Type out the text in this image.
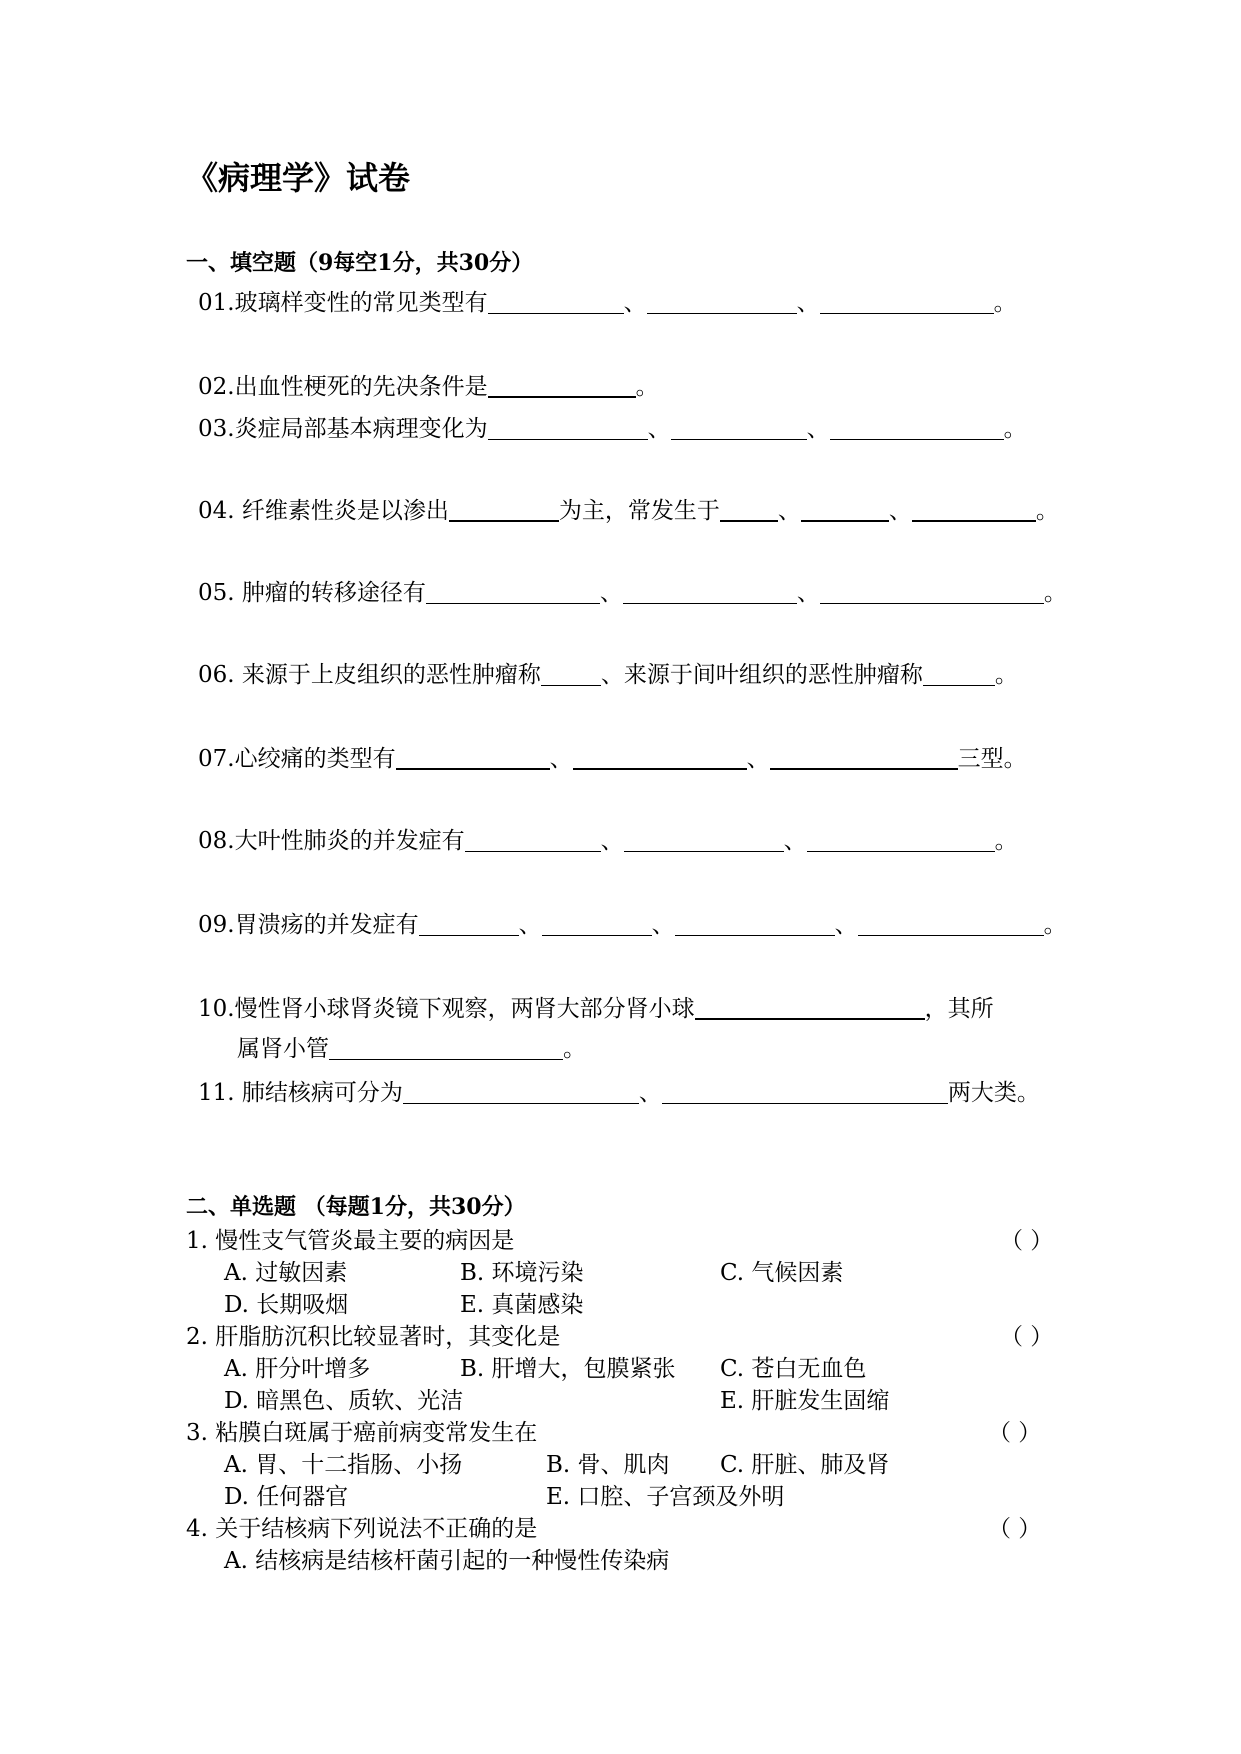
《病理学》试卷
一、填空题（9每空1分，共30分）
01.玻璃样变性的常见类型有	、	、	。
02.出血性梗死的先决条件是	。
03.炎症局部基本病理变化为	、	、	。
04. 纤维素性炎是以渗出	为主，常发生于	、	、	。
05. 肿瘤的转移途径有	、	、	。
06. 来源于上皮组织的恶性肿瘤称	、来源于间叶组织的恶性肿瘤称	。
07.心绞痛的类型有	、	、	三型。
08.大叶性肺炎的并发症有	、	、	。
09.胃溃疡的并发症有	、	、	、	。
10.慢性肾小球肾炎镜下观察，两肾大部分肾小球	，其所
属肾小管	。
11. 肺结核病可分为	、	两大类。
二、单选题 （每题1分，共30分）
1. 慢性支气管炎最主要的病因是	（ ）
A. 过敏因素	B. 环境污染	C. 气候因素
D. 长期吸烟	E. 真菌感染
2. 肝脂肪沉积比较显著时，其变化是	（ ）
A. 肝分叶增多	B. 肝增大，包膜紧张 C. 苍白无血色
D. 暗黑色、质软、光洁	E. 肝脏发生固缩
3. 粘膜白斑属于癌前病变常发生在	（ ）
A. 胃、十二指肠、小扬	B. 骨、肌肉 C. 肝脏、肺及肾
D. 任何器官	E. 口腔、子宫颈及外明
4. 关于结核病下列说法不正确的是	（ ）
A. 结核病是结核杆菌引起的一种慢性传染病
